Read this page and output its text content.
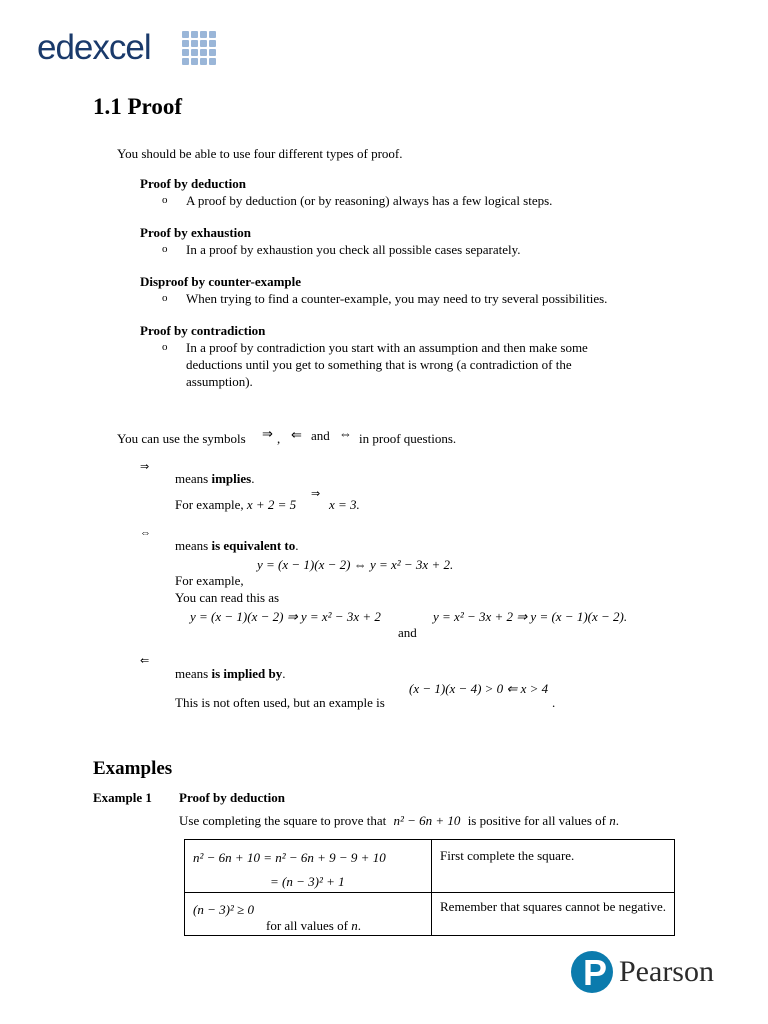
edexcel
1.1 Proof
You should be able to use four different types of proof.
Proof by deduction
o A proof by deduction (or by reasoning) always has a few logical steps.
Proof by exhaustion
o In a proof by exhaustion you check all possible cases separately.
Disproof by counter-example
o When trying to find a counter-example, you may need to try several possibilities.
Proof by contradiction
o In a proof by contradiction you start with an assumption and then make some
deductions until you get to something that is wrong (a contradiction of the
assumption).
You can use the symbols ⇒ , ⇐ and ⇔ in proof questions.
⇒
means implies.
For example, x + 2 = 5
⇒
x = 3.
⇔
means is equivalent to.
y = (x − 1)(x − 2) ⇔ y = x² − 3x + 2.
For example,
You can read this as
y = (x − 1)(x − 2) ⇒ y = x² − 3x + 2
and
y = x² − 3x + 2 ⇒ y = (x − 1)(x − 2).
⇐
means is implied by.
This is not often used, but an example is
(x − 1)(x − 4) > 0 ⇐ x > 4
.
Examples
Example 1 Proof by deduction
Use completing the square to prove that n² − 6n + 10 is positive for all values of n.
n² − 6n + 10 = n² − 6n + 9 − 9 + 10
= (n − 3)² + 1	First complete the square.

(n − 3)² ≥ 0
for all values of n.	Remember that squares cannot be negative.
P Pearson
